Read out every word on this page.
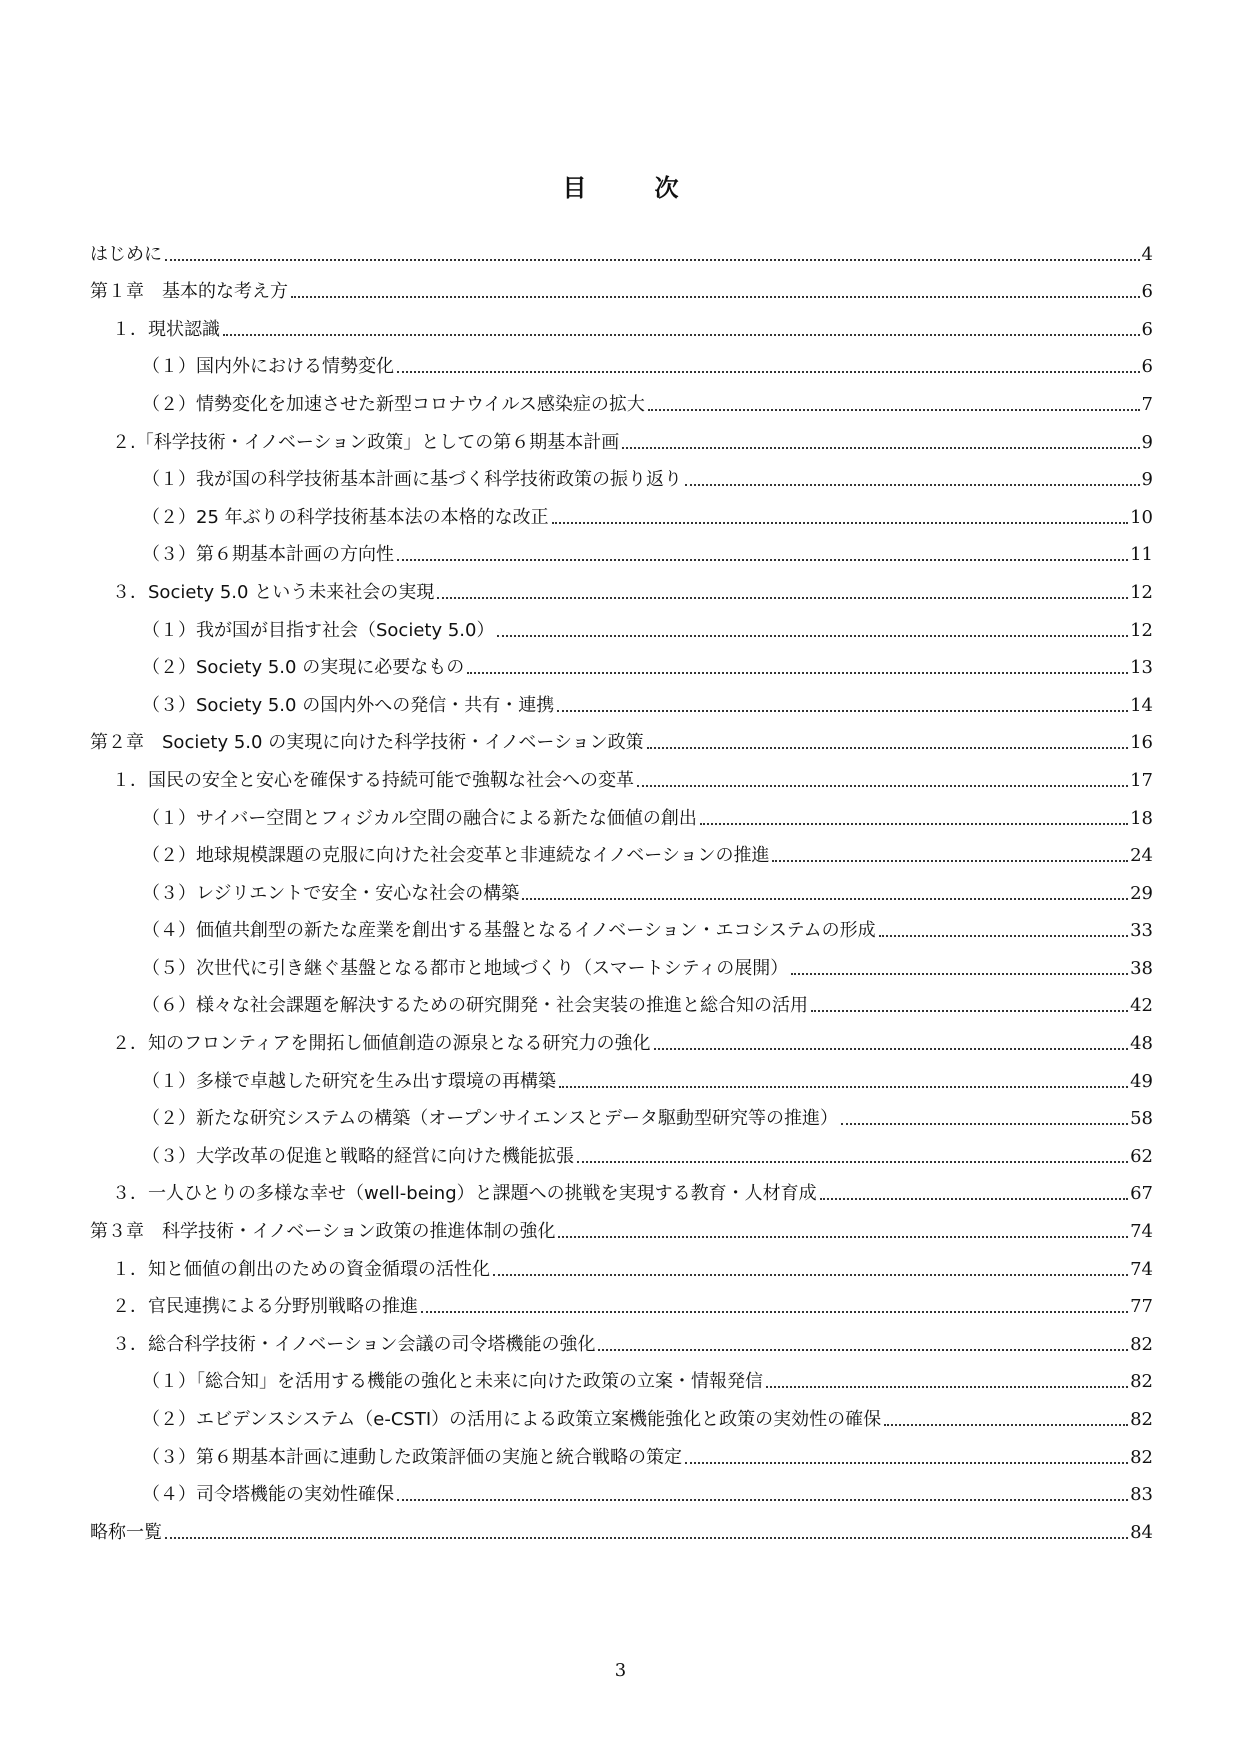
目　次
はじめに	4
第１章　基本的な考え方	6
１．現状認識	6
（１）国内外における情勢変化	6
（２）情勢変化を加速させた新型コロナウイルス感染症の拡大	7
２.「科学技術・イノベーション政策」としての第６期基本計画	9
（１）我が国の科学技術基本計画に基づく科学技術政策の振り返り	9
（２）25 年ぶりの科学技術基本法の本格的な改正	10
（３）第６期基本計画の方向性	11
３．Society 5.0 という未来社会の実現	12
（１）我が国が目指す社会（Society 5.0）	12
（２）Society 5.0 の実現に必要なもの	13
（３）Society 5.0 の国内外への発信・共有・連携	14
第２章　Society 5.0 の実現に向けた科学技術・イノベーション政策	16
１．国民の安全と安心を確保する持続可能で強靱な社会への変革	17
（１）サイバー空間とフィジカル空間の融合による新たな価値の創出	18
（２）地球規模課題の克服に向けた社会変革と非連続なイノベーションの推進	24
（３）レジリエントで安全・安心な社会の構築	29
（４）価値共創型の新たな産業を創出する基盤となるイノベーション・エコシステムの形成	33
（５）次世代に引き継ぐ基盤となる都市と地域づくり（スマートシティの展開）	38
（６）様々な社会課題を解決するための研究開発・社会実装の推進と総合知の活用	42
２．知のフロンティアを開拓し価値創造の源泉となる研究力の強化	48
（１）多様で卓越した研究を生み出す環境の再構築	49
（２）新たな研究システムの構築（オープンサイエンスとデータ駆動型研究等の推進）	58
（３）大学改革の促進と戦略的経営に向けた機能拡張	62
３．一人ひとりの多様な幸せ（well-being）と課題への挑戦を実現する教育・人材育成	67
第３章　科学技術・イノベーション政策の推進体制の強化	74
１．知と価値の創出のための資金循環の活性化	74
２．官民連携による分野別戦略の推進	77
３．総合科学技術・イノベーション会議の司令塔機能の強化	82
（１）「総合知」を活用する機能の強化と未来に向けた政策の立案・情報発信	82
（２）エビデンスシステム（e-CSTI）の活用による政策立案機能強化と政策の実効性の確保	82
（３）第６期基本計画に連動した政策評価の実施と統合戦略の策定	82
（４）司令塔機能の実効性確保	83
略称一覧	84
3
